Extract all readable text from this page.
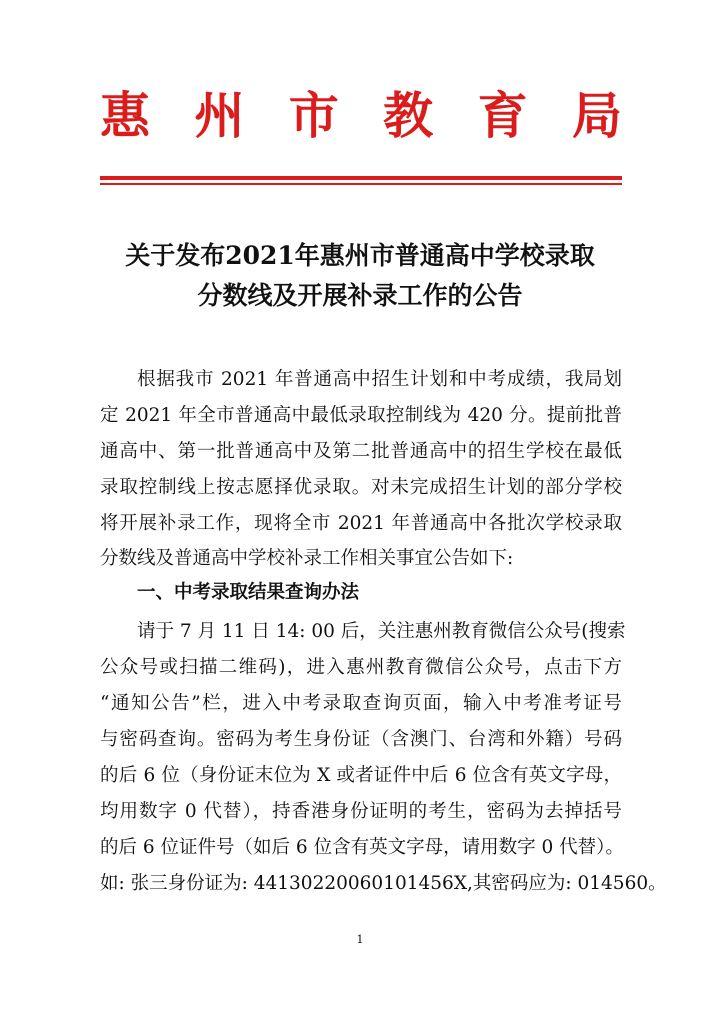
惠 州 市 教 育 局
关于发布2021年惠州市普通高中学校录取
分数线及开展补录工作的公告
根据我市 2021 年普通高中招生计划和中考成绩，我局划
定 2021 年全市普通高中最低录取控制线为 420 分。提前批普
通高中、第一批普通高中及第二批普通高中的招生学校在最低
录取控制线上按志愿择优录取。对未完成招生计划的部分学校
将开展补录工作，现将全市 2021 年普通高中各批次学校录取
分数线及普通高中学校补录工作相关事宜公告如下:
一、中考录取结果查询办法
请于 7 月 11 日 14: 00 后，关注惠州教育微信公众号(搜索
公众号或扫描二维码)，进入惠州教育微信公众号，点击下方
“通知公告”栏，进入中考录取查询页面，输入中考准考证号
与密码查询。密码为考生身份证（含澳门、台湾和外籍）号码
的后 6 位（身份证末位为 X 或者证件中后 6 位含有英文字母，
均用数字 0 代替），持香港身份证明的考生，密码为去掉括号
的后 6 位证件号（如后 6 位含有英文字母，请用数字 0 代替）。
如: 张三身份证为: 44130220060101456X,其密码应为: 014560。
1
